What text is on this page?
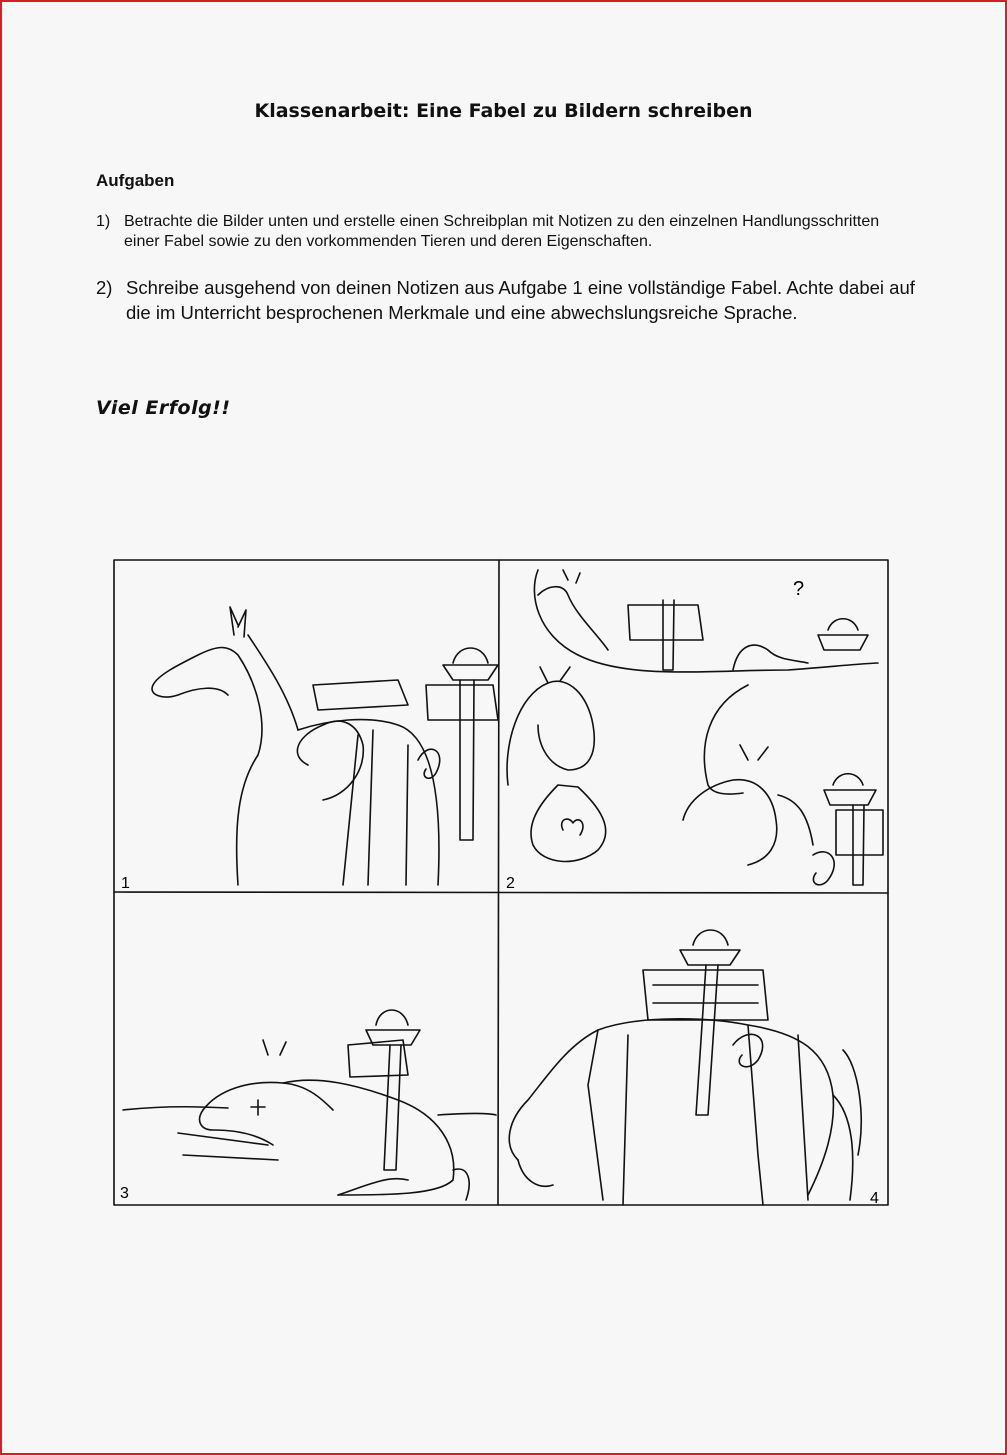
Klassenarbeit: Eine Fabel zu Bildern schreiben
Aufgaben
1) Betrachte die Bilder unten und erstelle einen Schreibplan mit Notizen zu den einzelnen Handlungsschritten einer Fabel sowie zu den vorkommenden Tieren und deren Eigenschaften.
2) Schreibe ausgehend von deinen Notizen aus Aufgabe 1 eine vollständige Fabel. Achte dabei auf die im Unterricht besprochenen Merkmale und eine abwechslungsreiche Sprache.
Viel Erfolg!!
1
?
2
3	4
